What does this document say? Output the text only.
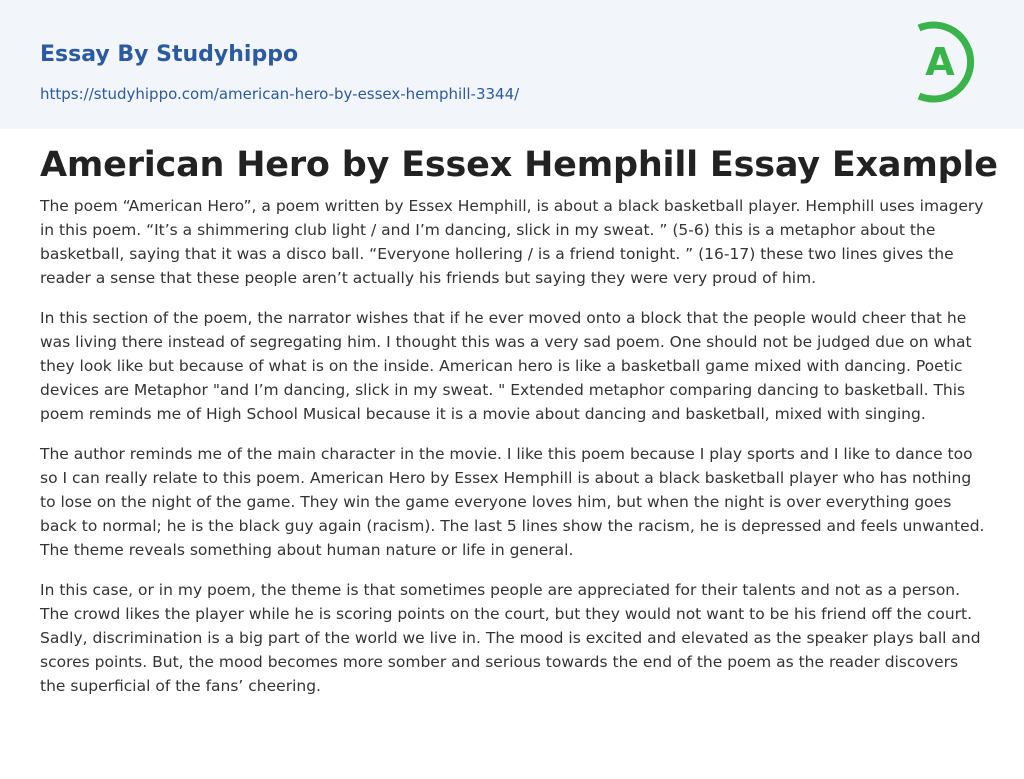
Essay By Studyhippo
https://studyhippo.com/american-hero-by-essex-hemphill-3344/
A
American Hero by Essex Hemphill Essay Example

The poem “American Hero”, a poem written by Essex Hemphill, is about a black basketball player. Hemphill uses imagery in this poem. “It’s a shimmering club light / and I’m dancing, slick in my sweat. ” (5-6) this is a metaphor about the basketball, saying that it was a disco ball. “Everyone hollering / is a friend tonight. ” (16-17) these two lines gives the reader a sense that these people aren’t actually his friends but saying they were very proud of him.

In this section of the poem, the narrator wishes that if he ever moved onto a block that the people would cheer that he was living there instead of segregating him. I thought this was a very sad poem. One should not be judged due on what they look like but because of what is on the inside. American hero is like a basketball game mixed with dancing. Poetic devices are Metaphor "and I’m dancing, slick in my sweat. " Extended metaphor comparing dancing to basketball. This poem reminds me of High School Musical because it is a movie about dancing and basketball, mixed with singing.

The author reminds me of the main character in the movie. I like this poem because I play sports and I like to dance too so I can really relate to this poem. American Hero by Essex Hemphill is about a black basketball player who has nothing to lose on the night of the game. They win the game everyone loves him, but when the night is over everything goes back to normal; he is the black guy again (racism). The last 5 lines show the racism, he is depressed and feels unwanted. The theme reveals something about human nature or life in general.

In this case, or in my poem, the theme is that sometimes people are appreciated for their talents and not as a person. The crowd likes the player while he is scoring points on the court, but they would not want to be his friend off the court. Sadly, discrimination is a big part of the world we live in. The mood is excited and elevated as the speaker plays ball and scores points. But, the mood becomes more somber and serious towards the end of the poem as the reader discovers the superficial of the fans’ cheering.
